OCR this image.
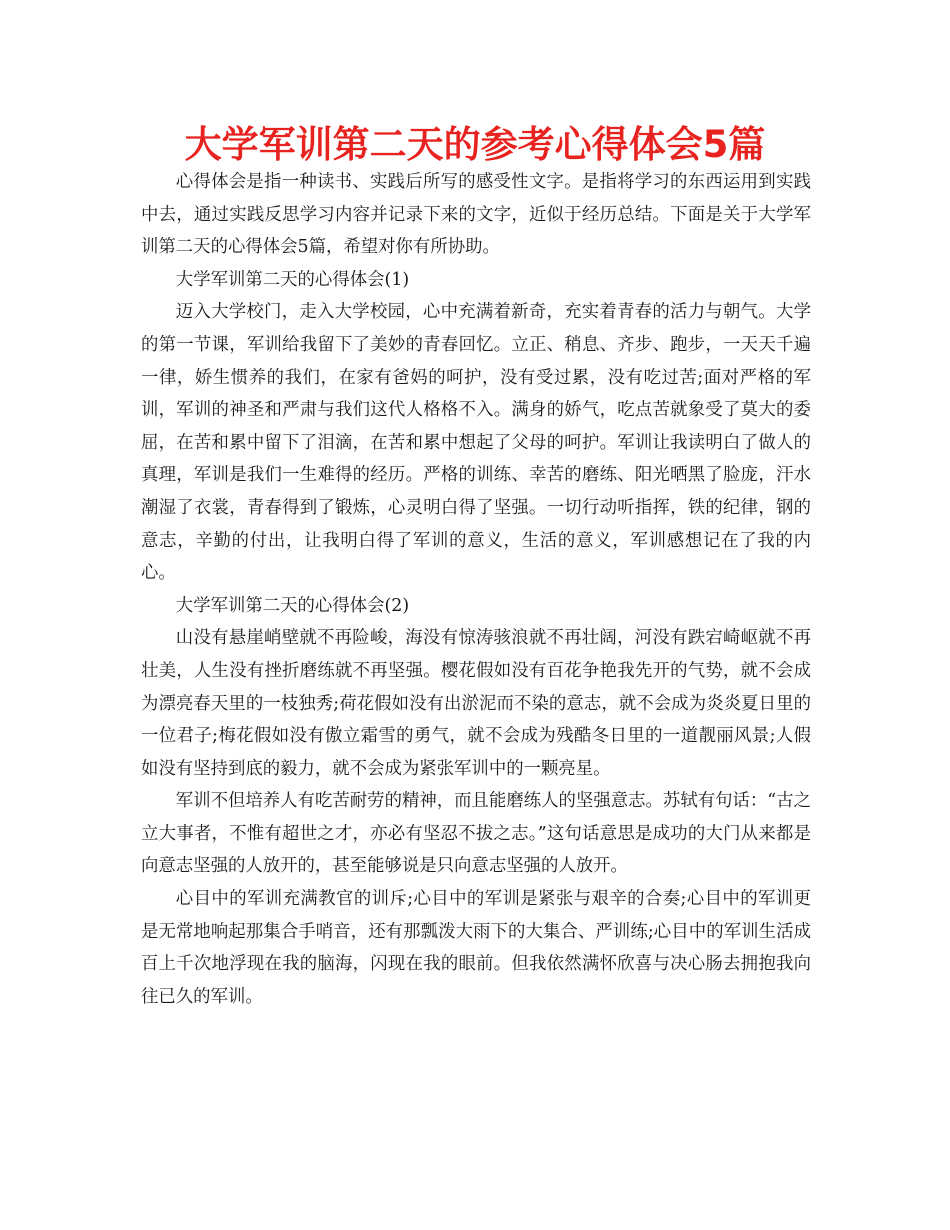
大学军训第二天的参考心得体会5篇

心得体会是指一种读书、实践后所写的感受性文字。是指将学习的东西运用到实践中去，通过实践反思学习内容并记录下来的文字，近似于经历总结。下面是关于大学军训第二天的心得体会5篇，希望对你有所协助。

大学军训第二天的心得体会(1)

迈入大学校门，走入大学校园，心中充满着新奇，充实着青春的活力与朝气。大学的第一节课，军训给我留下了美妙的青春回忆。立正、稍息、齐步、跑步，一天天千遍一律，娇生惯养的我们，在家有爸妈的呵护，没有受过累，没有吃过苦;面对严格的军训，军训的神圣和严肃与我们这代人格格不入。满身的娇气，吃点苦就象受了莫大的委屈，在苦和累中留下了泪滴，在苦和累中想起了父母的呵护。军训让我读明白了做人的真理，军训是我们一生难得的经历。严格的训练、幸苦的磨练、阳光晒黑了脸庞，汗水潮湿了衣裳，青春得到了锻炼，心灵明白得了坚强。一切行动听指挥，铁的纪律，钢的意志，辛勤的付出，让我明白得了军训的意义，生活的意义，军训感想记在了我的内心。

大学军训第二天的心得体会(2)

山没有悬崖峭壁就不再险峻，海没有惊涛骇浪就不再壮阔，河没有跌宕崎岖就不再壮美，人生没有挫折磨练就不再坚强。樱花假如没有百花争艳我先开的气势，就不会成为漂亮春天里的一枝独秀;荷花假如没有出淤泥而不染的意志，就不会成为炎炎夏日里的一位君子;梅花假如没有傲立霜雪的勇气，就不会成为残酷冬日里的一道靓丽风景;人假如没有坚持到底的毅力，就不会成为紧张军训中的一颗亮星。

军训不但培养人有吃苦耐劳的精神，而且能磨练人的坚强意志。苏轼有句话：“古之立大事者，不惟有超世之才，亦必有坚忍不拔之志。”这句话意思是成功的大门从来都是向意志坚强的人放开的，甚至能够说是只向意志坚强的人放开。

心目中的军训充满教官的训斥;心目中的军训是紧张与艰辛的合奏;心目中的军训更是无常地响起那集合手哨音，还有那瓢泼大雨下的大集合、严训练;心目中的军训生活成百上千次地浮现在我的脑海，闪现在我的眼前。但我依然满怀欣喜与决心肠去拥抱我向往已久的军训。
